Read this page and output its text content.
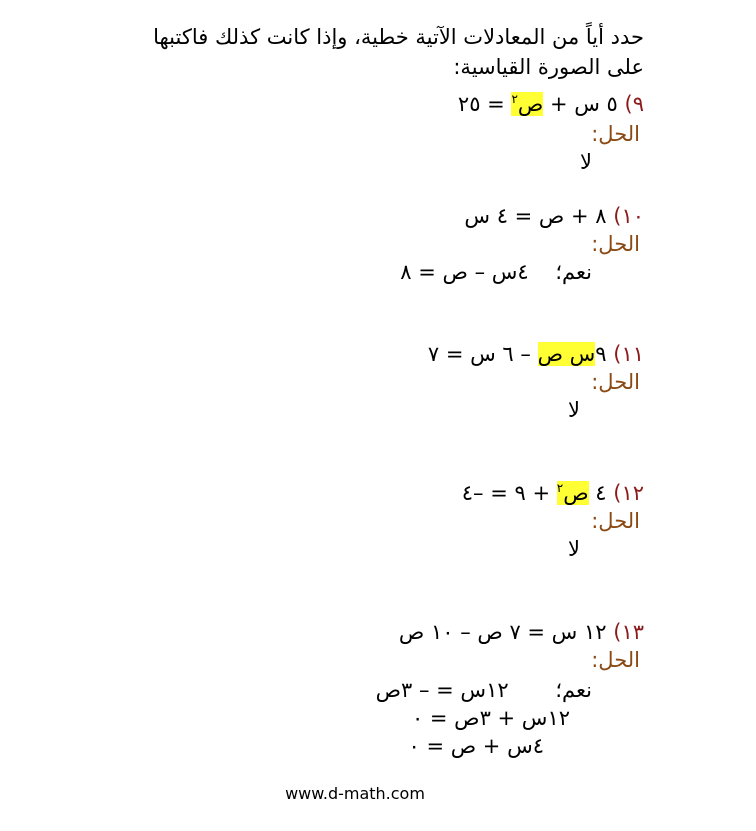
حدد أياً من المعادلات الآتية خطية، وإذا كانت كذلك فاكتبها
على الصورة القياسية:
٩) ٥ س + ص$^٢$ = ٢٥
الحل:
لا
١٠) ٨ + ص = ٤ س
الحل:
نعم؛    ٤س – ص = ٨
١١) ٩س ص – ٦ س = ٧
الحل:
لا
١٢) ٤ ص$^٢$ + ٩ = –٤
الحل:
لا
١٣) ١٢ س = ٧ ص – ١٠ ص
الحل:
نعم؛       ١٢س = – ٣ص
١٢س + ٣ص = ٠
٤س + ص = ٠
www.d-math.com
